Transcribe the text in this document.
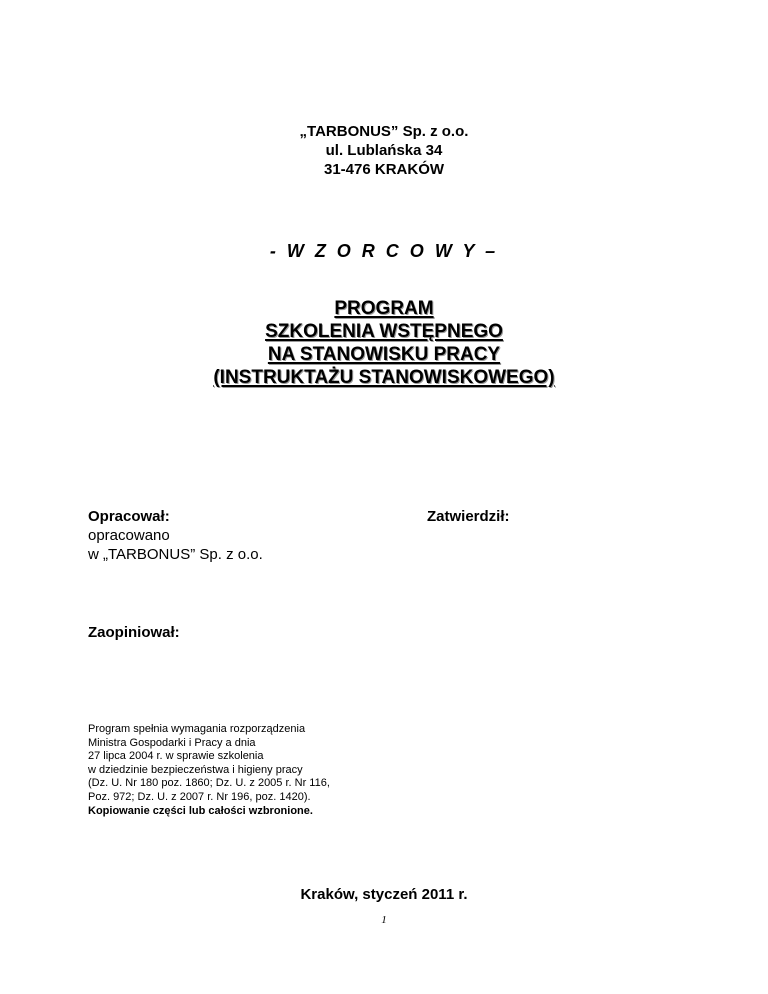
„TARBONUS” Sp. z o.o.
ul. Lublańska 34
31-476 KRAKÓW
- W Z O R C O W Y –
PROGRAM
SZKOLENIA WSTĘPNEGO
NA STANOWISKU PRACY
(INSTRUKTAŻU STANOWISKOWEGO)
Opracował:
opracowano
w „TARBONUS” Sp. z o.o.
Zatwierdził:
Zaopiniował:
Program spełnia wymagania rozporządzenia
Ministra Gospodarki i Pracy a dnia
27 lipca 2004 r. w sprawie szkolenia
w dziedzinie bezpieczeństwa i higieny pracy
(Dz. U. Nr 180 poz. 1860; Dz. U. z 2005 r. Nr 116,
Poz. 972; Dz. U. z 2007 r. Nr 196, poz. 1420).
Kopiowanie części lub całości wzbronione.
Kraków, styczeń 2011 r.
1
